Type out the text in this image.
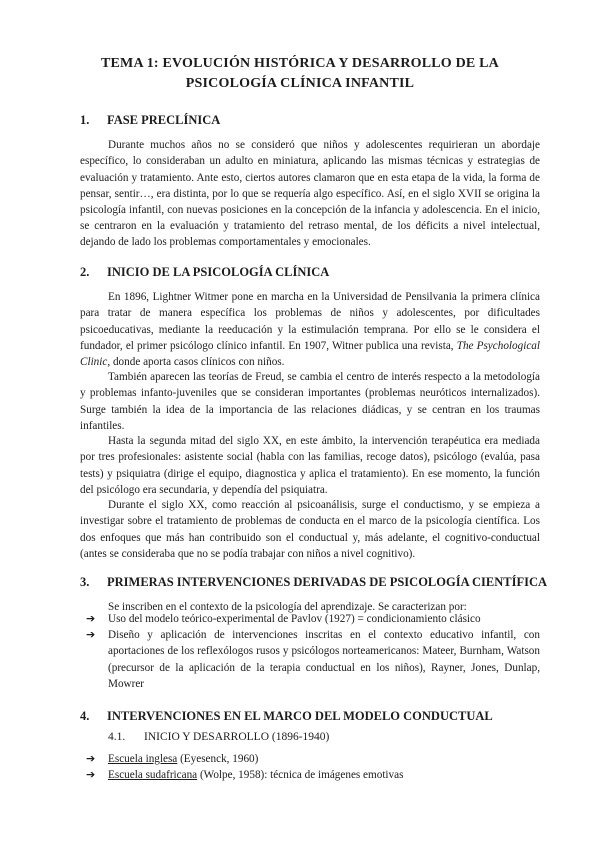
TEMA 1: EVOLUCIÓN HISTÓRICA Y DESARROLLO DE LA
PSICOLOGÍA CLÍNICA INFANTIL
1. FASE PRECLÍNICA

Durante muchos años no se consideró que niños y adolescentes requirieran un abordaje específico, lo consideraban un adulto en miniatura, aplicando las mismas técnicas y estrategias de evaluación y tratamiento. Ante esto, ciertos autores clamaron que en esta etapa de la vida, la forma de pensar, sentir…, era distinta, por lo que se requería algo específico. Así, en el siglo XVII se origina la psicología infantil, con nuevas posiciones en la concepción de la infancia y adolescencia. En el inicio, se centraron en la evaluación y tratamiento del retraso mental, de los déficits a nivel intelectual, dejando de lado los problemas comportamentales y emocionales.

2. INICIO DE LA PSICOLOGÍA CLÍNICA

En 1896, Lightner Witmer pone en marcha en la Universidad de Pensilvania la primera clínica para tratar de manera específica los problemas de niños y adolescentes, por dificultades psicoeducativas, mediante la reeducación y la estimulación temprana. Por ello se le considera el fundador, el primer psicólogo clínico infantil. En 1907, Witner publica una revista, The Psychological Clinic, donde aporta casos clínicos con niños.

También aparecen las teorías de Freud, se cambia el centro de interés respecto a la metodología y problemas infanto-juveniles que se consideran importantes (problemas neuróticos internalizados). Surge también la idea de la importancia de las relaciones diádicas, y se centran en los traumas infantiles.

Hasta la segunda mitad del siglo XX, en este ámbito, la intervención terapéutica era mediada por tres profesionales: asistente social (habla con las familias, recoge datos), psicólogo (evalúa, pasa tests) y psiquiatra (dirige el equipo, diagnostica y aplica el tratamiento). En ese momento, la función del psicólogo era secundaria, y dependía del psiquiatra.

Durante el siglo XX, como reacción al psicoanálisis, surge el conductismo, y se empieza a investigar sobre el tratamiento de problemas de conducta en el marco de la psicología científica. Los dos enfoques que más han contribuido son el conductual y, más adelante, el cognitivo-conductual (antes se consideraba que no se podía trabajar con niños a nivel cognitivo).

3. PRIMERAS INTERVENCIONES DERIVADAS DE PSICOLOGÍA CIENTÍFICA

Se inscriben en el contexto de la psicología del aprendizaje. Se caracterizan por:

➔ Uso del modelo teórico-experimental de Pavlov (1927) = condicionamiento clásico
➔ Diseño y aplicación de intervenciones inscritas en el contexto educativo infantil, con aportaciones de los reflexólogos rusos y psicólogos norteamericanos: Mateer, Burnham, Watson (precursor de la aplicación de la terapia conductual en los niños), Rayner, Jones, Dunlap, Mowrer
4. INTERVENCIONES EN EL MARCO DEL MODELO CONDUCTUAL
4.1. INICIO Y DESARROLLO (1896-1940)
➔ Escuela inglesa (Eyesenck, 1960)
➔ Escuela sudafricana (Wolpe, 1958): técnica de imágenes emotivas
